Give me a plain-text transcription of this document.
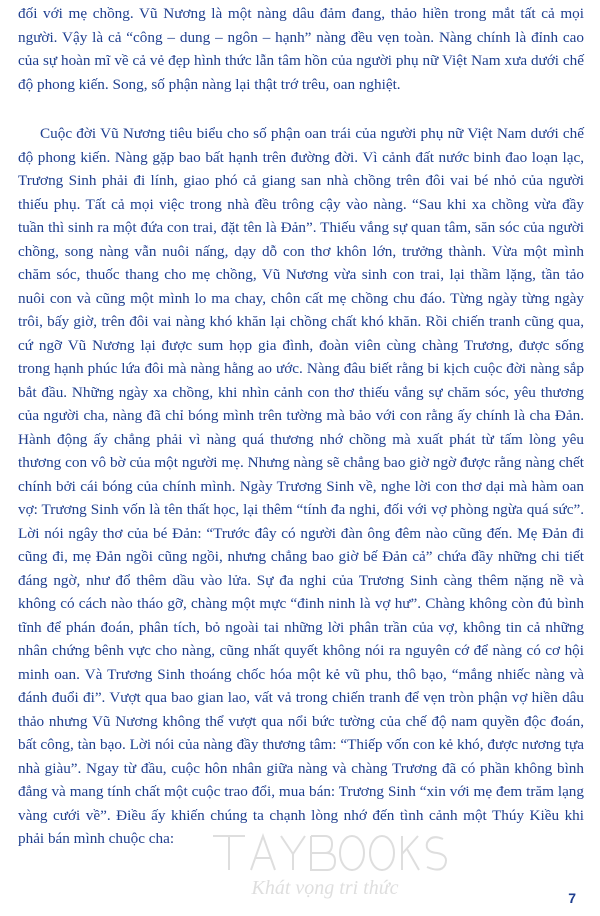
đối với mẹ chồng. Vũ Nương là một nàng dâu đảm đang, thảo hiền trong mắt tất cả mọi người. Vậy là cả “công – dung – ngôn – hạnh” nàng đều vẹn toàn. Nàng chính là đỉnh cao của sự hoàn mĩ về cả vẻ đẹp hình thức lẫn tâm hồn của người phụ nữ Việt Nam xưa dưới chế độ phong kiến. Song, số phận nàng lại thật trớ trêu, oan nghiệt.

Cuộc đời Vũ Nương tiêu biểu cho số phận oan trái của người phụ nữ Việt Nam dưới chế độ phong kiến. Nàng gặp bao bất hạnh trên đường đời. Vì cảnh đất nước binh đao loạn lạc, Trương Sinh phải đi lính, giao phó cả giang san nhà chồng trên đôi vai bé nhỏ của người thiếu phụ. Tất cả mọi việc trong nhà đều trông cậy vào nàng. “Sau khi xa chồng vừa đầy tuần thì sinh ra một đứa con trai, đặt tên là Đản”. Thiếu vắng sự quan tâm, săn sóc của người chồng, song nàng vẫn nuôi nấng, dạy dỗ con thơ khôn lớn, trưởng thành. Vừa một mình chăm sóc, thuốc thang cho mẹ chồng, Vũ Nương vừa sinh con trai, lại thầm lặng, tần tảo nuôi con và cũng một mình lo ma chay, chôn cất mẹ chồng chu đáo. Từng ngày từng ngày trôi, bấy giờ, trên đôi vai nàng khó khăn lại chồng chất khó khăn. Rồi chiến tranh cũng qua, cứ ngỡ Vũ Nương lại được sum họp gia đình, đoàn viên cùng chàng Trương, được sống trong hạnh phúc lứa đôi mà nàng hằng ao ước. Nàng đâu biết rằng bi kịch cuộc đời nàng sắp bắt đầu. Những ngày xa chồng, khi nhìn cảnh con thơ thiếu vắng sự chăm sóc, yêu thương của người cha, nàng đã chỉ bóng mình trên tường mà bảo với con rằng ấy chính là cha Đản. Hành động ấy chẳng phải vì nàng quá thương nhớ chồng mà xuất phát từ tấm lòng yêu thương con vô bờ của một người mẹ. Nhưng nàng sẽ chẳng bao giờ ngờ được rằng nàng chết chính bởi cái bóng của chính mình. Ngày Trương Sinh về, nghe lời con thơ dại mà hàm oan vợ: Trương Sinh vốn là tên thất học, lại thêm “tính đa nghi, đối với vợ phòng ngừa quá sức”. Lời nói ngây thơ của bé Đản: “Trước đây có người đàn ông đêm nào cũng đến. Mẹ Đản đi cũng đi, mẹ Đản ngồi cũng ngồi, nhưng chẳng bao giờ bế Đản cả” chứa đầy những chi tiết đáng ngờ, như đổ thêm dầu vào lửa. Sự đa nghi của Trương Sinh càng thêm nặng nề và không có cách nào tháo gỡ, chàng một mực “đinh ninh là vợ hư”. Chàng không còn đủ bình tĩnh để phán đoán, phân tích, bỏ ngoài tai những lời phân trần của vợ, không tin cả những nhân chứng bênh vực cho nàng, cũng nhất quyết không nói ra nguyên cớ để nàng có cơ hội minh oan. Và Trương Sinh thoáng chốc hóa một kẻ vũ phu, thô bạo, “mắng nhiếc nàng và đánh đuổi đi”. Vượt qua bao gian lao, vất vả trong chiến tranh để vẹn tròn phận vợ hiền dâu thảo nhưng Vũ Nương không thể vượt qua nổi bức tường của chế độ nam quyền độc đoán, bất công, tàn bạo. Lời nói của nàng đầy thương tâm: “Thiếp vốn con kẻ khó, được nương tựa nhà giàu”. Ngay từ đầu, cuộc hôn nhân giữa nàng và chàng Trương đã có phần không bình đẳng và mang tính chất một cuộc trao đổi, mua bán: Trương Sinh “xin với mẹ đem trăm lạng vàng cưới về”. Điều ấy khiến chúng ta chạnh lòng nhớ đến tình cảnh một Thúy Kiều khi phải bán mình chuộc cha:

Khát vọng tri thức	7
